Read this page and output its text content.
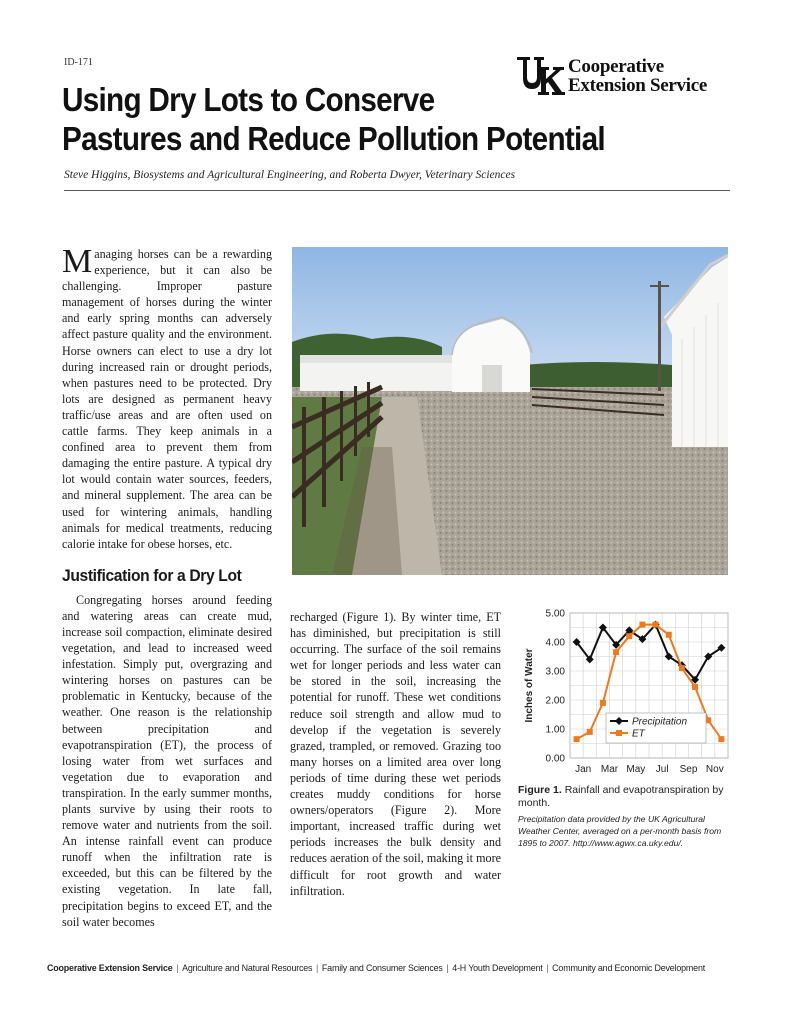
ID-171
Using Dry Lots to Conserve
Pastures and Reduce Pollution Potential
Cooperative
Extension Service
Steve Higgins, Biosystems and Agricultural Engineering, and Roberta Dwyer, Veterinary Sciences

Managing horses can be a rewarding experience, but it can also be challenging. Improper pasture management of horses during the winter and early spring months can adversely affect pasture quality and the environment. Horse owners can elect to use a dry lot during increased rain or drought periods, when pastures need to be protected. Dry lots are designed as permanent heavy traffic/use areas and are often used on cattle farms. They keep animals in a confined area to prevent them from damaging the entire pasture. A typical dry lot would contain water sources, feeders, and mineral supplement. The area can be used for wintering animals, handling animals for medical treatments, reducing calorie intake for obese horses, etc.

Justification for a Dry Lot

Congregating horses around feeding and watering areas can create mud, increase soil compaction, eliminate desired vegetation, and lead to increased weed infestation. Simply put, overgrazing and wintering horses on pastures can be problematic in Kentucky, because of the weather. One reason is the relationship between precipitation and evapotranspiration (ET), the process of losing water from wet surfaces and vegetation due to evaporation and transpiration. In the early summer months, plants survive by using their roots to remove water and nutrients from the soil. An intense rainfall event can produce runoff when the infiltration rate is exceeded, but this can be filtered by the existing vegetation. In late fall, precipitation begins to exceed ET, and the soil water becomes

recharged (Figure 1). By winter time, ET has diminished, but precipitation is still occurring. The surface of the soil remains wet for longer periods and less water can be stored in the soil, increasing the potential for runoff. These wet conditions reduce soil strength and allow mud to develop if the vegetation is severely grazed, trampled, or removed. Grazing too many horses on a limited area over long periods of time during these wet periods creates muddy conditions for horse owners/operators (Figure 2). More important, increased traffic during wet periods increases the bulk density and reduces aeration of the soil, making it more difficult for root growth and water infiltration.

0.00
1.00
2.00
3.00
4.00
5.00
Jan Mar May Jul Sep Nov
Inches of Water	Precipitation
ET
Figure 1. Rainfall and evapotranspiration by month.
Precipitation data provided by the UK Agricultural Weather Center, averaged on a per-month basis from 1895 to 2007. http://www.agwx.ca.uky.edu/.
Cooperative Extension Service | Agriculture and Natural Resources | Family and Consumer Sciences | 4-H Youth Development | Community and Economic Development
